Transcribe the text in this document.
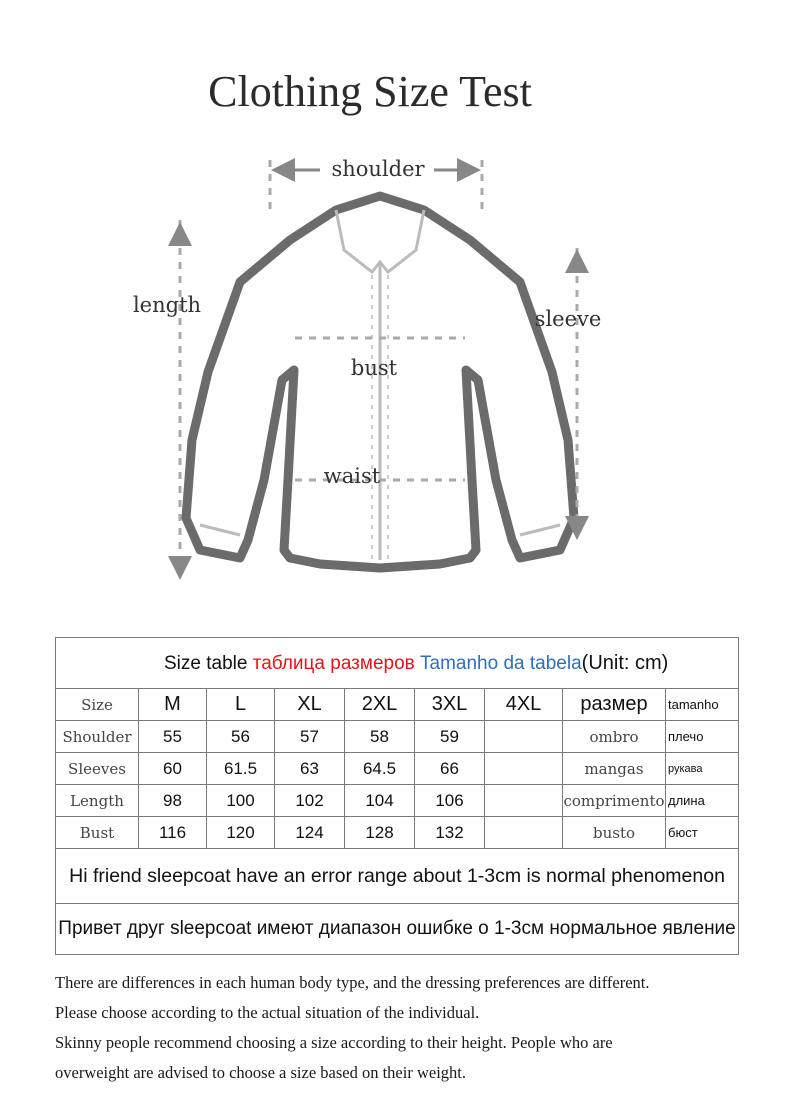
Clothing Size Test
shoulder
length
sleeve
bust
waist
Size table таблица размеров Tamanho da tabela(Unit: cm)								
Size	M	L	XL	2XL	3XL	4XL	размер	tamanho
Shoulder	55	56	57	58	59		ombro	плечо
Sleeves	60	61.5	63	64.5	66		mangas	рукава
Length	98	100	102	104	106		comprimento	длина
Bust	116	120	124	128	132		busto	бюст
Hi friend sleepcoat have an error range about 1-3cm is normal phenomenon								
Привет друг sleepcoat имеют диапазон ошибке о 1-3см нормальное явление								

There are differences in each human body type, and the dressing preferences are different.

Please choose according to the actual situation of the individual.

Skinny people recommend choosing a size according to their height. People who are

overweight are advised to choose a size based on their weight.
